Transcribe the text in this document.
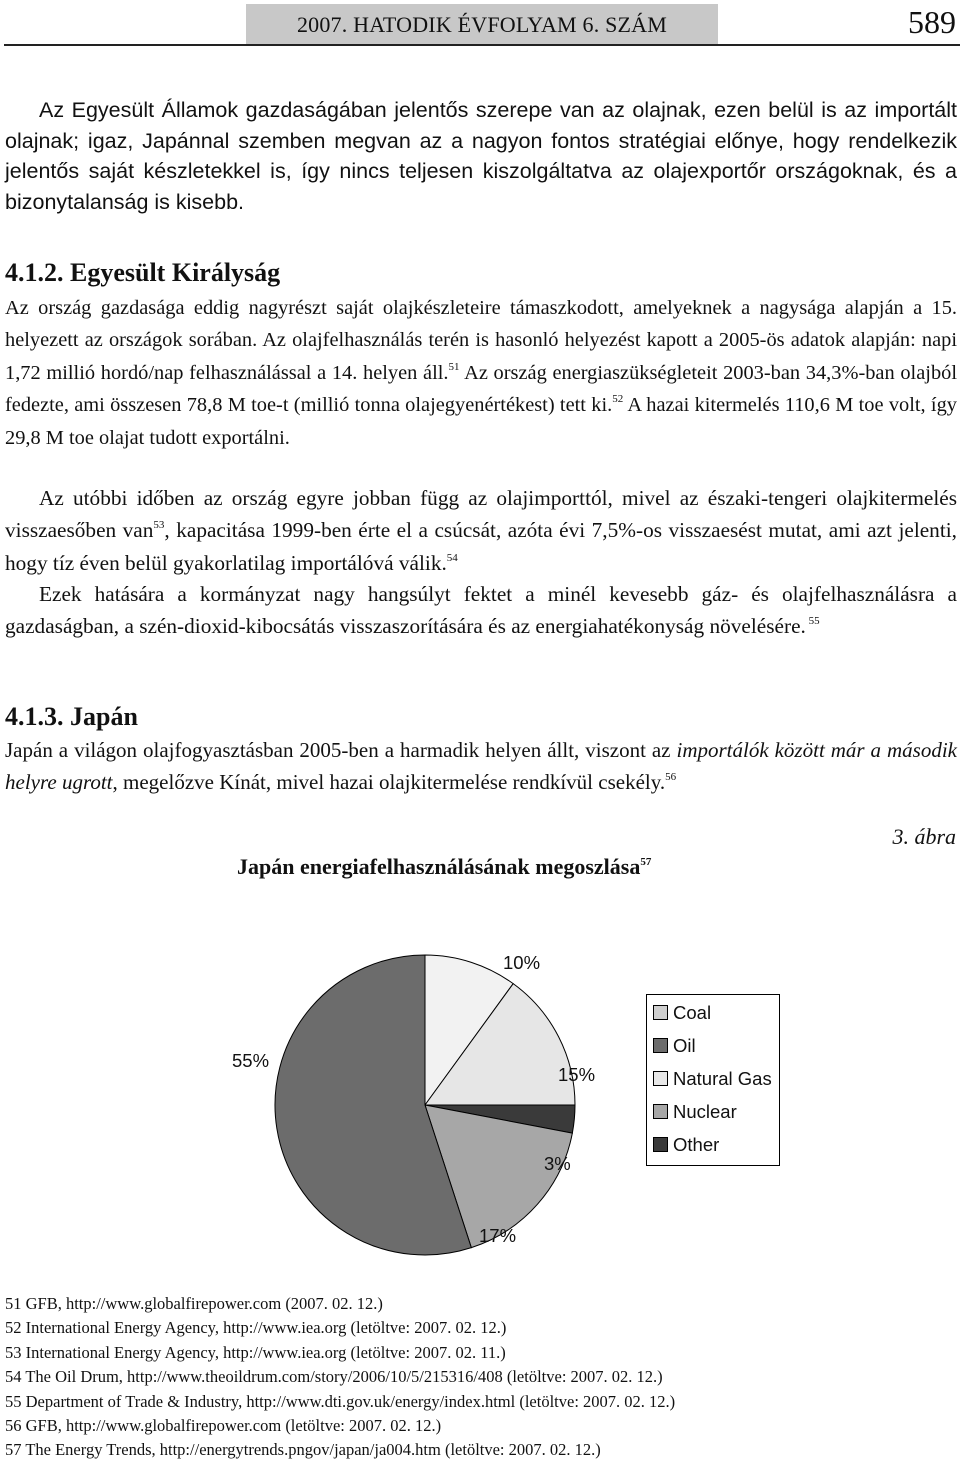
2007. HATODIK ÉVFOLYAM 6. SZÁM	589

Az Egyesült Államok gazdaságában jelentős szerepe van az olajnak, ezen belül is az importált olajnak; igaz, Japánnal szemben megvan az a nagyon fontos stratégiai előnye, hogy rendelkezik jelentős saját készletekkel is, így nincs teljesen kiszolgáltatva az olajexportőr országoknak, és a bizonytalanság is kisebb.

4.1.2. Egyesült Királyság

Az ország gazdasága eddig nagyrészt saját olajkészleteire támaszkodott, amelyeknek a nagysága alapján a 15. helyezett az országok sorában. Az olajfelhasználás terén is hasonló helyezést kapott a 2005-ös adatok alapján: napi 1,72 millió hordó/nap felhasználással a 14. helyen áll.$^{51}$ Az ország energiaszükségleteit 2003-ban 34,3%-ban olajból fedezte, ami összesen 78,8 M toe-t (millió tonna olajegyenértékest) tett ki.$^{52}$ A hazai kitermelés 110,6 M toe volt, így 29,8 M toe olajat tudott exportálni.

Az utóbbi időben az ország egyre jobban függ az olajimporttól, mivel az északi-tengeri olajkitermelés visszaesőben van$^{53}$, kapacitása 1999-ben érte el a csúcsát, azóta évi 7,5%-os visszaesést mutat, ami azt jelenti, hogy tíz éven belül gyakorlatilag importálóvá válik.$^{54}$

Ezek hatására a kormányzat nagy hangsúlyt fektet a minél kevesebb gáz- és olajfelhasználásra a gazdaságban, a szén-dioxid-kibocsátás visszaszorítására és az energiahatékonyság növelésére. $^{55}$

4.1.3. Japán

Japán a világon olajfogyasztásban 2005-ben a harmadik helyen állt, viszont az importálók között már a második helyre ugrott, megelőzve Kínát, mivel hazai olajkitermelése rendkívül csekély.$^{56}$

3. ábra
Japán energiafelhasználásának megoszlása$^{57}$
10%
15%
3%
17%
55%
Coal
Oil
Natural Gas
Nuclear
Other
51 GFB, http://www.globalfirepower.com (2007. 02. 12.)
52 International Energy Agency, http://www.iea.org (letöltve: 2007. 02. 12.)
53 International Energy Agency, http://www.iea.org (letöltve: 2007. 02. 11.)
54 The Oil Drum, http://www.theoildrum.com/story/2006/10/5/215316/408 (letöltve: 2007. 02. 12.)
55 Department of Trade & Industry, http://www.dti.gov.uk/energy/index.html (letöltve: 2007. 02. 12.)
56 GFB, http://www.globalfirepower.com (letöltve: 2007. 02. 12.)
57 The Energy Trends, http://energytrends.pngov/japan/ja004.htm (letöltve: 2007. 02. 12.)
